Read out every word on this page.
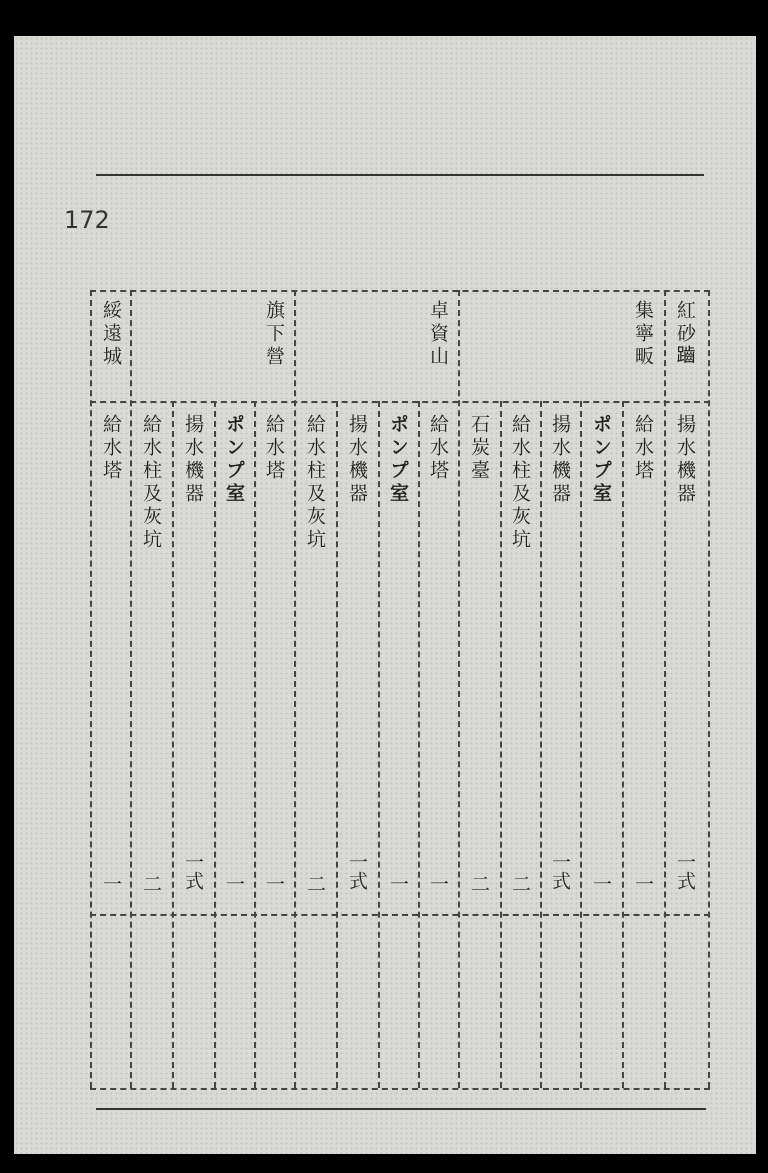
172
紅砂𪘏
集寧畈
卓資山
旗下營
綏遠城
揚水機器
給水塔
ポンプ室
揚水機器
給水柱及灰坑
石炭臺
給水塔
ポンプ室
揚水機器
給水柱及灰坑
給水塔
ポンプ室
揚水機器
給水柱及灰坑
給水塔
一式
一
一
一式
二
二
一
一
一式
二
一
一
一式
二
一
